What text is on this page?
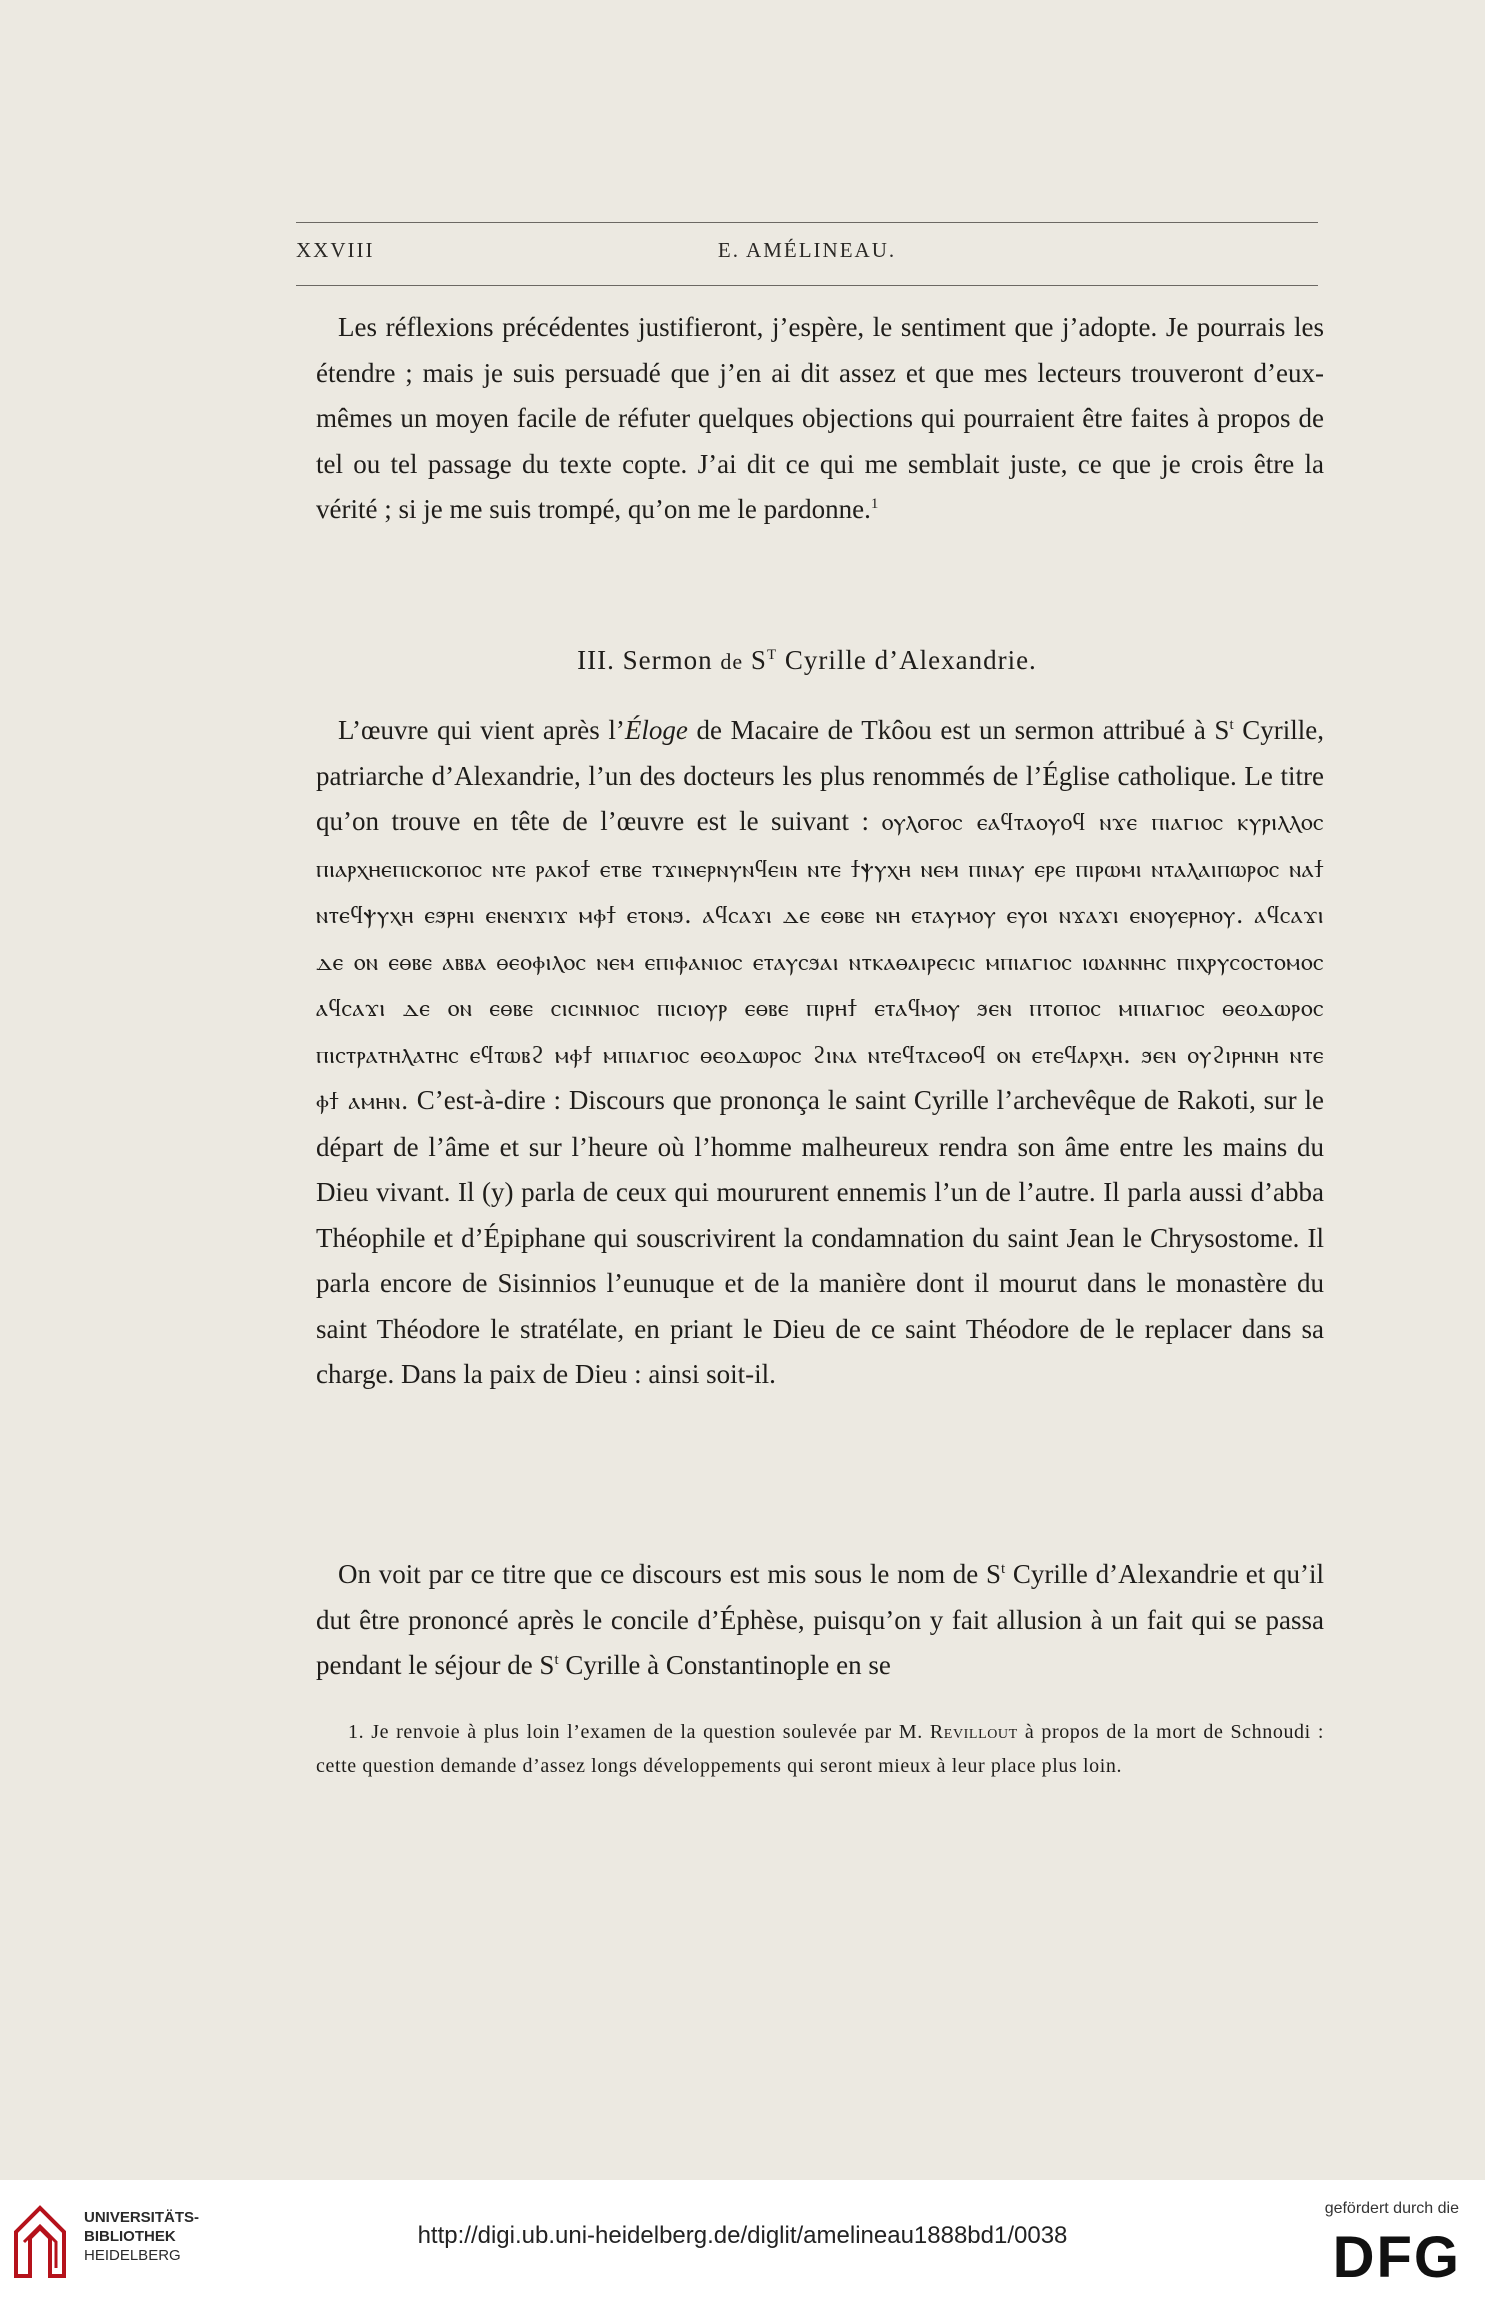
XXVIII	E. AMÉLINEAU.

Les réflexions précédentes justifieront, j’espère, le sentiment que j’adopte. Je pourrais les étendre ; mais je suis persuadé que j’en ai dit assez et que mes lecteurs trouveront d’eux-mêmes un moyen facile de réfuter quelques objections qui pourraient être faites à propos de tel ou tel passage du texte copte. J’ai dit ce qui me semblait juste, ce que je crois être la vérité ; si je me suis trompé, qu’on me le pardonne.$^1$

III. Sermon de $S^T$ Cyrille d’Alexandrie.

L’œuvre qui vient après l’Éloge de Macaire de Tkôou est un sermon attribué à $S^t$ Cyrille, patriarche d’Alexandrie, l’un des docteurs les plus renommés de l’Église catholique. Le titre qu’on trouve en tête de l’œuvre est le suivant : ⲟⲩⲗⲟⲅⲟⲥ ⲉⲁϥⲧⲁⲟⲩⲟϥ ⲛϫⲉ ⲡⲓⲁⲅⲓⲟⲥ ⲕⲩⲣⲓⲗⲗⲟⲥ ⲡⲓⲁⲣⲭⲏⲉⲡⲓⲥⲕⲟⲡⲟⲥ ⲛⲧⲉ ⲣⲁⲕⲟϯ ⲉⲧⲃⲉ ⲧϫⲓⲛⲉⲣⲛⲩⲛϥⲉⲓⲛ ⲛⲧⲉ ϯⲯⲩⲭⲏ ⲛⲉⲙ ⲡⲓⲛⲁⲩ ⲉⲣⲉ ⲡⲓⲣⲱⲙⲓ ⲛⲧⲁⲗⲁⲓⲡⲱⲣⲟⲥ ⲛⲁϯ ⲛⲧⲉϥⲯⲩⲭⲏ ⲉϧⲣⲏⲓ ⲉⲛⲉⲛϫⲓϫ ⲙⲫϯ ⲉⲧⲟⲛϧ. ⲁϥⲥⲁϫⲓ ⲇⲉ ⲉⲑⲃⲉ ⲛⲏ ⲉⲧⲁⲩⲙⲟⲩ ⲉⲩⲟⲓ ⲛϫⲁϫⲓ ⲉⲛⲟⲩⲉⲣⲏⲟⲩ. ⲁϥⲥⲁϫⲓ ⲇⲉ ⲟⲛ ⲉⲑⲃⲉ ⲁⲃⲃⲁ ⲑⲉⲟⲫⲓⲗⲟⲥ ⲛⲉⲙ ⲉⲡⲓⲫⲁⲛⲓⲟⲥ ⲉⲧⲁⲩⲥϧⲁⲓ ⲛⲧⲕⲁⲑⲁⲓⲣⲉⲥⲓⲥ ⲙⲡⲓⲁⲅⲓⲟⲥ ⲓⲱⲁⲛⲛⲏⲥ ⲡⲓⲭⲣⲩⲥⲟⲥⲧⲟⲙⲟⲥ ⲁϥⲥⲁϫⲓ ⲇⲉ ⲟⲛ ⲉⲑⲃⲉ ⲥⲓⲥⲓⲛⲛⲓⲟⲥ ⲡⲓⲥⲓⲟⲩⲣ ⲉⲑⲃⲉ ⲡⲓⲣⲏϯ ⲉⲧⲁϥⲙⲟⲩ ϧⲉⲛ ⲡⲧⲟⲡⲟⲥ ⲙⲡⲓⲁⲅⲓⲟⲥ ⲑⲉⲟⲇⲱⲣⲟⲥ ⲡⲓⲥⲧⲣⲁⲧⲏⲗⲁⲧⲏⲥ ⲉϥⲧⲱⲃϩ ⲙⲫϯ ⲙⲡⲓⲁⲅⲓⲟⲥ ⲑⲉⲟⲇⲱⲣⲟⲥ ϩⲓⲛⲁ ⲛⲧⲉϥⲧⲁⲥⲑⲟϥ ⲟⲛ ⲉⲧⲉϥⲁⲣⲭⲏ. ϧⲉⲛ ⲟⲩϩⲓⲣⲏⲛⲏ ⲛⲧⲉ ⲫϯ ⲁⲙⲏⲛ. C’est-à-dire : Discours que prononça le saint Cyrille l’archevêque de Rakoti, sur le départ de l’âme et sur l’heure où l’homme malheureux rendra son âme entre les mains du Dieu vivant. Il (y) parla de ceux qui moururent ennemis l’un de l’autre. Il parla aussi d’abba Théophile et d’Épiphane qui souscrivirent la condamnation du saint Jean le Chrysostome. Il parla encore de Sisinnios l’eunuque et de la manière dont il mourut dans le monastère du saint Théodore le stratélate, en priant le Dieu de ce saint Théodore de le replacer dans sa charge. Dans la paix de Dieu : ainsi soit-il.

On voit par ce titre que ce discours est mis sous le nom de $S^t$ Cyrille d’Alexandrie et qu’il dut être prononcé après le concile d’Éphèse, puisqu’on y fait allusion à un fait qui se passa pendant le séjour de $S^t$ Cyrille à Constantinople en se

1. Je renvoie à plus loin l’examen de la question soulevée par M. Revillout à propos de la mort de Schnoudi : cette question demande d’assez longs développements qui seront mieux à leur place plus loin.

UNIVERSITÄTS-
BIBLIOTHEK
HEIDELBERG
http://digi.ub.uni-heidelberg.de/diglit/amelineau1888bd1/0038
gefördert durch die
DFG
